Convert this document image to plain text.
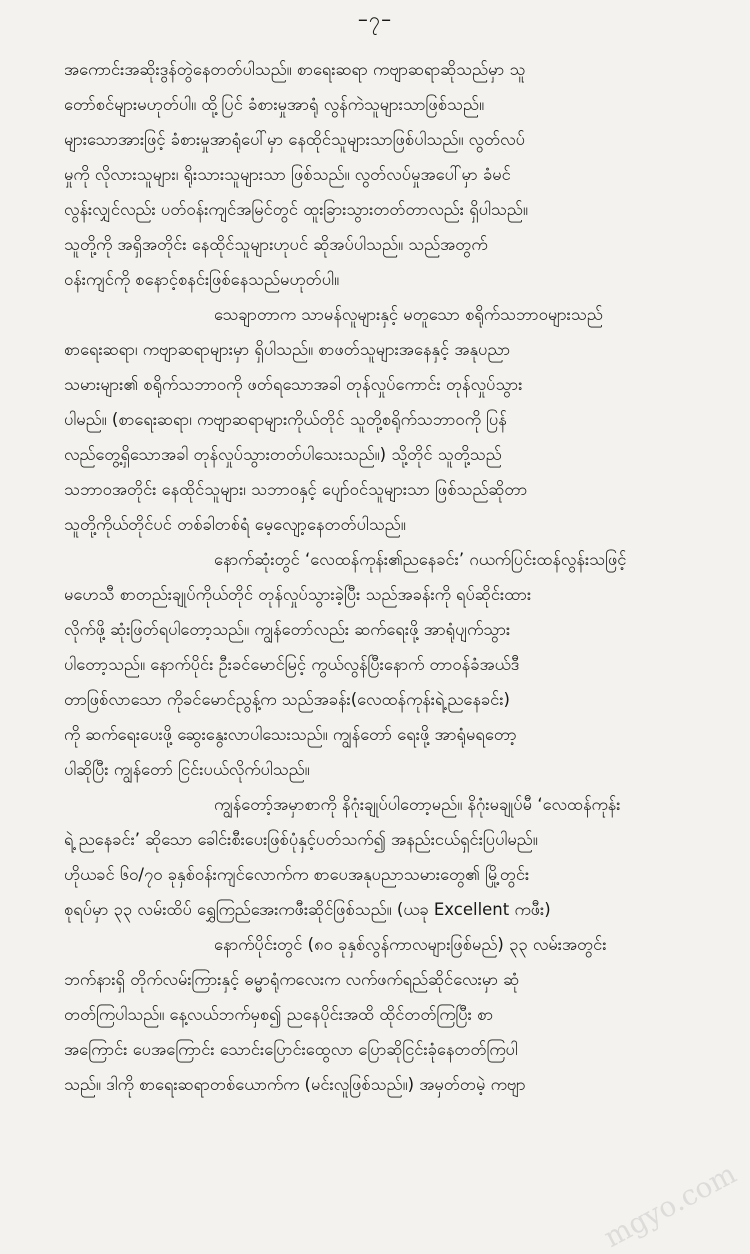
–၇–
အကောင်းအဆိုးဒွန်တွဲနေတတ်ပါသည်။ စာရေးဆရာ ကဗျာဆရာဆိုသည်မှာ သူ
တော်စင်များမဟုတ်ပါ။ ထို့ပြင် ခံစားမှုအာရုံ လွန်ကဲသူများသာဖြစ်သည်။
များသောအားဖြင့် ခံစားမှုအာရုံပေါ်မှာ နေထိုင်သူများသာဖြစ်ပါသည်။ လွတ်လပ်
မှုကို လိုလားသူများ၊ ရိုးသားသူများသာ ဖြစ်သည်။ လွတ်လပ်မှုအပေါ်မှာ ခံမင်
လွန်းလျှင်လည်း ပတ်ဝန်းကျင်အမြင်တွင် ထူးခြားသွားတတ်တာလည်း ရှိပါသည်။
သူတို့ကို အရှိအတိုင်း နေထိုင်သူများဟုပင် ဆိုအပ်ပါသည်။ သည်အတွက်
ဝန်းကျင်ကို စနောင့်စနင်းဖြစ်နေသည်မဟုတ်ပါ။
သေချာတာက သာမန်လူများနှင့် မတူသော စရိုက်သဘာဝများသည်
စာရေးဆရာ၊ ကဗျာဆရာများမှာ ရှိပါသည်။ စာဖတ်သူများအနေနှင့် အနုပညာ
သမားများ၏ စရိုက်သဘာဝကို ဖတ်ရသောအခါ တုန်လှုပ်ကောင်း တုန်လှုပ်သွား
ပါမည်။ (စာရေးဆရာ၊ ကဗျာဆရာများကိုယ်တိုင် သူတို့စရိုက်သဘာဝကို ပြန်
လည်တွေ့ရှိသောအခါ တုန်လှုပ်သွားတတ်ပါသေးသည်။) သို့တိုင် သူတို့သည်
သဘာဝအတိုင်း နေထိုင်သူများ၊ သဘာဝနှင့် ပျော်ဝင်သူများသာ ဖြစ်သည်ဆိုတာ
သူတို့ကိုယ်တိုင်ပင် တစ်ခါတစ်ရံ မေ့လျော့နေတတ်ပါသည်။
နောက်ဆုံးတွင် ‘လေထန်ကုန်း၏ညနေခင်း’ ဂယက်ပြင်းထန်လွန်းသဖြင့်
မဟေသီ စာတည်းချုပ်ကိုယ်တိုင် တုန်လှုပ်သွားခဲ့ပြီး သည်အခန်းကို ရပ်ဆိုင်းထား
လိုက်ဖို့ ဆုံးဖြတ်ရပါတော့သည်။ ကျွန်တော်လည်း ဆက်ရေးဖို့ အာရုံပျက်သွား
ပါတော့သည်။ နောက်ပိုင်း ဦးခင်မောင်မြင့် ကွယ်လွန်ပြီးနောက် တာဝန်ခံအယ်ဒီ
တာဖြစ်လာသော ကိုခင်မောင်ညွန့်က သည်အခန်း(လေထန်ကုန်းရဲ့ညနေခင်း)
ကို ဆက်ရေးပေးဖို့ ဆွေးနွေးလာပါသေးသည်။ ကျွန်တော် ရေးဖို့ အာရုံမရတော့
ပါဆိုပြီး ကျွန်တော် ငြင်းပယ်လိုက်ပါသည်။
ကျွန်တော့်အမှာစာကို နိဂုံးချုပ်ပါတော့မည်။ နိဂုံးမချုပ်မီ ‘လေထန်ကုန်း
ရဲ့ ညနေခင်း’ ဆိုသော ခေါင်းစီးပေးဖြစ်ပုံနှင့်ပတ်သက်၍ အနည်းငယ်ရှင်းပြပါမည်။
ဟိုယခင် ၆၀/၇၀ ခုနှစ်ဝန်းကျင်လောက်က စာပေအနုပညာသမားတွေ၏ မြို့တွင်း
စုရပ်မှာ ၃၃ လမ်းထိပ် ရွှေကြည်အေးကဖီးဆိုင်ဖြစ်သည်။ (ယခု Excellent ကဖီး)
နောက်ပိုင်းတွင် (၈၀ ခုနှစ်လွန်ကာလများဖြစ်မည်) ၃၃ လမ်းအတွင်း
ဘက်နားရှိ တိုက်လမ်းကြားနှင့် ဓမ္မာရုံကလေးက လက်ဖက်ရည်ဆိုင်လေးမှာ ဆုံ
တတ်ကြပါသည်။ နေ့လယ်ဘက်မှစ၍ ညနေပိုင်းအထိ ထိုင်တတ်ကြပြီး စာ
အကြောင်း ပေအကြောင်း သောင်းပြောင်းထွေလာ ပြောဆိုငြင်းခုံနေတတ်ကြပါ
သည်။ ဒါကို စာရေးဆရာတစ်ယောက်က (မင်းလူဖြစ်သည်။) အမှတ်တမဲ့ ကဗျာ
mgyo.com
